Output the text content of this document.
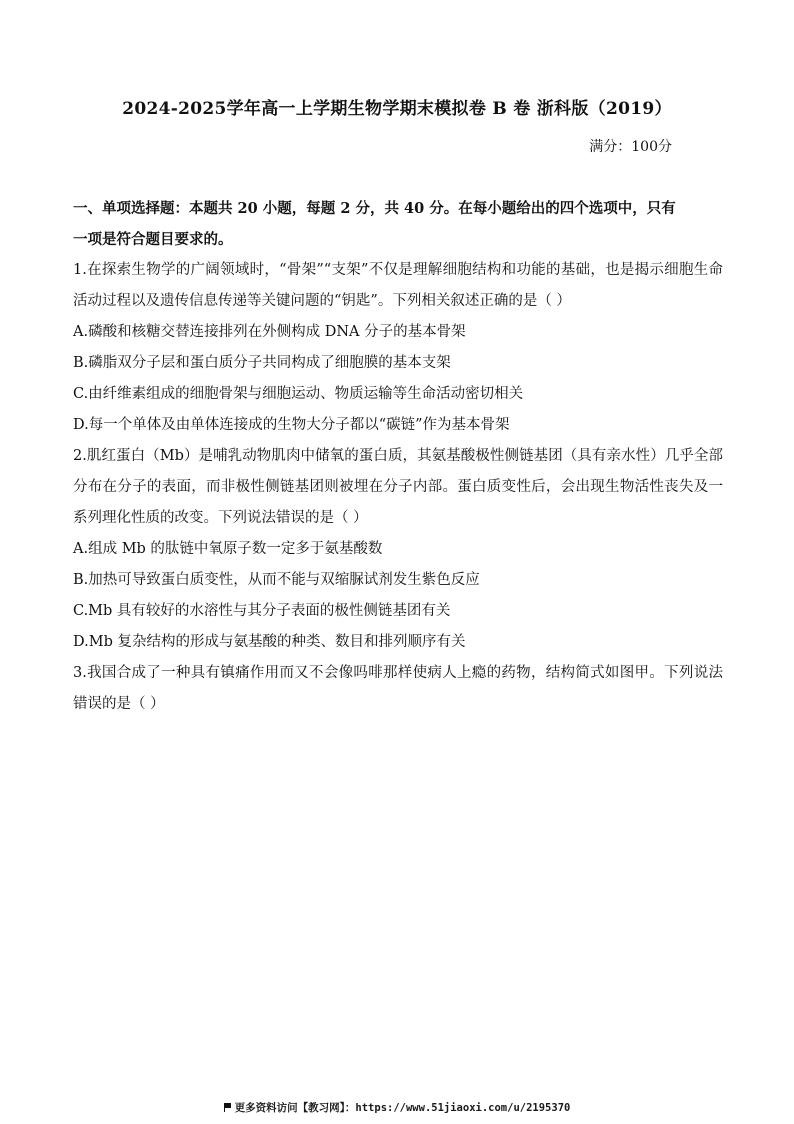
2024-2025学年高一上学期生物学期末模拟卷 B 卷 浙科版（2019）
满分：100分

一、单项选择题：本题共 20 小题，每题 2 分，共 40 分。在每小题给出的四个选项中，只有
一项是符合题目要求的。

1.在探索生物学的广阔领域时，“骨架”“支架”不仅是理解细胞结构和功能的基础，也是揭示细胞生命活动过程以及遗传信息传递等关键问题的“钥匙”。下列相关叙述正确的是（ ）

A.磷酸和核糖交替连接排列在外侧构成 DNA 分子的基本骨架

B.磷脂双分子层和蛋白质分子共同构成了细胞膜的基本支架

C.由纤维素组成的细胞骨架与细胞运动、物质运输等生命活动密切相关

D.每一个单体及由单体连接成的生物大分子都以“碳链”作为基本骨架

2.肌红蛋白（Mb）是哺乳动物肌肉中储氧的蛋白质，其氨基酸极性侧链基团（具有亲水性）几乎全部分布在分子的表面，而非极性侧链基团则被埋在分子内部。蛋白质变性后，会出现生物活性丧失及一系列理化性质的改变。下列说法错误的是（ ）

A.组成 Mb 的肽链中氧原子数一定多于氨基酸数

B.加热可导致蛋白质变性，从而不能与双缩脲试剂发生紫色反应

C.Mb 具有较好的水溶性与其分子表面的极性侧链基团有关

D.Mb 复杂结构的形成与氨基酸的种类、数目和排列顺序有关

3.我国合成了一种具有镇痛作用而又不会像吗啡那样使病人上瘾的药物，结构简式如图甲。下列说法错误的是（ ）

更多资料访问【教习网】：https://www.51jiaoxi.com/u/2195370
